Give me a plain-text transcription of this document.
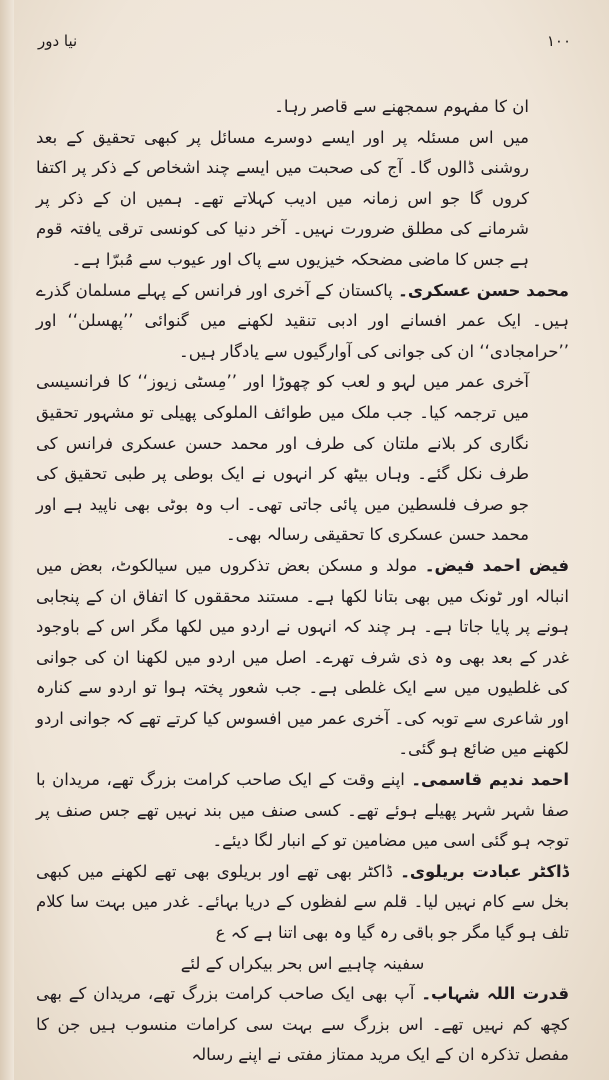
نیا دور	۱۰۰

ان کا مفہوم سمجھنے سے قاصر رہا۔

میں اس مسئلہ پر اور ایسے دوسرے مسائل پر کبھی تحقیق کے بعد روشنی ڈالوں گا۔ آج کی صحبت میں ایسے چند اشخاص کے ذکر پر اکتفا کروں گا جو اس زمانہ میں ادیب کہلاتے تھے۔ ہمیں ان کے ذکر پر شرمانے کی مطلق ضرورت نہیں۔ آخر دنیا کی کونسی ترقی یافتہ قوم ہے جس کا ماضی مضحکہ خیزیوں سے پاک اور عیوب سے مُبرّا ہے۔

محمد حسن عسکری۔ پاکستان کے آخری اور فرانس کے پہلے مسلمان گذرے ہیں۔ ایک عمر افسانے اور ادبی تنقید لکھنے میں گنوائی ’’پھسلن‘‘ اور ’’حرامجادی‘‘ ان کی جوانی کی آوارگیوں سے یادگار ہیں۔

آخری عمر میں لہو و لعب کو چھوڑا اور ’’مِسٹی زیوز‘‘ کا فرانسیسی میں ترجمہ کیا۔ جب ملک میں طوائف الملوکی پھیلی تو مشہور تحقیق نگاری کر بلانے ملتان کی طرف اور محمد حسن عسکری فرانس کی طرف نکل گئے۔ وہاں بیٹھ کر انہوں نے ایک بوطی پر طبی تحقیق کی جو صرف فلسطین میں پائی جاتی تھی۔ اب وہ بوٹی بھی ناپید ہے اور محمد حسن عسکری کا تحقیقی رسالہ بھی۔

فیض احمد فیض۔ مولد و مسکن بعض تذکروں میں سیالکوٹ، بعض میں انبالہ اور ٹونک میں بھی بتانا لکھا ہے۔ مستند محققوں کا اتفاق ان کے پنجابی ہونے پر پایا جاتا ہے۔ ہر چند کہ انہوں نے اردو میں لکھا مگر اس کے باوجود غدر کے بعد بھی وہ ذی شرف تھرے۔ اصل میں اردو میں لکھنا ان کی جوانی کی غلطیوں میں سے ایک غلطی ہے۔ جب شعور پختہ ہوا تو اردو سے کنارہ اور شاعری سے توبہ کی۔ آخری عمر میں افسوس کیا کرتے تھے کہ جوانی اردو لکھنے میں ضائع ہو گئی۔

احمد ندیم قاسمی۔ اپنے وقت کے ایک صاحب کرامت بزرگ تھے، مریدان با صفا شہر شہر پھیلے ہوئے تھے۔ کسی صنف میں بند نہیں تھے جس صنف پر توجہ ہو گئی اسی میں مضامین تو کے انبار لگا دیئے۔

ڈاکٹر عبادت بریلوی۔ ڈاکٹر بھی تھے اور بریلوی بھی تھے لکھنے میں کبھی بخل سے کام نہیں لیا۔ قلم سے لفظوں کے دریا بہائے۔ غدر میں بہت سا کلام تلف ہو گیا مگر جو باقی رہ گیا وہ بھی اتنا ہے کہ ع

سفینہ چاہیے اس بحر بیکراں کے لئے

قدرت اللہ شہاب۔ آپ بھی ایک صاحب کرامت بزرگ تھے، مریدان کے بھی کچھ کم نہیں تھے۔ اس بزرگ سے بہت سی کرامات منسوب ہیں جن کا مفصل تذکرہ ان کے ایک مرید ممتاز مفتی نے اپنے رسالہ
